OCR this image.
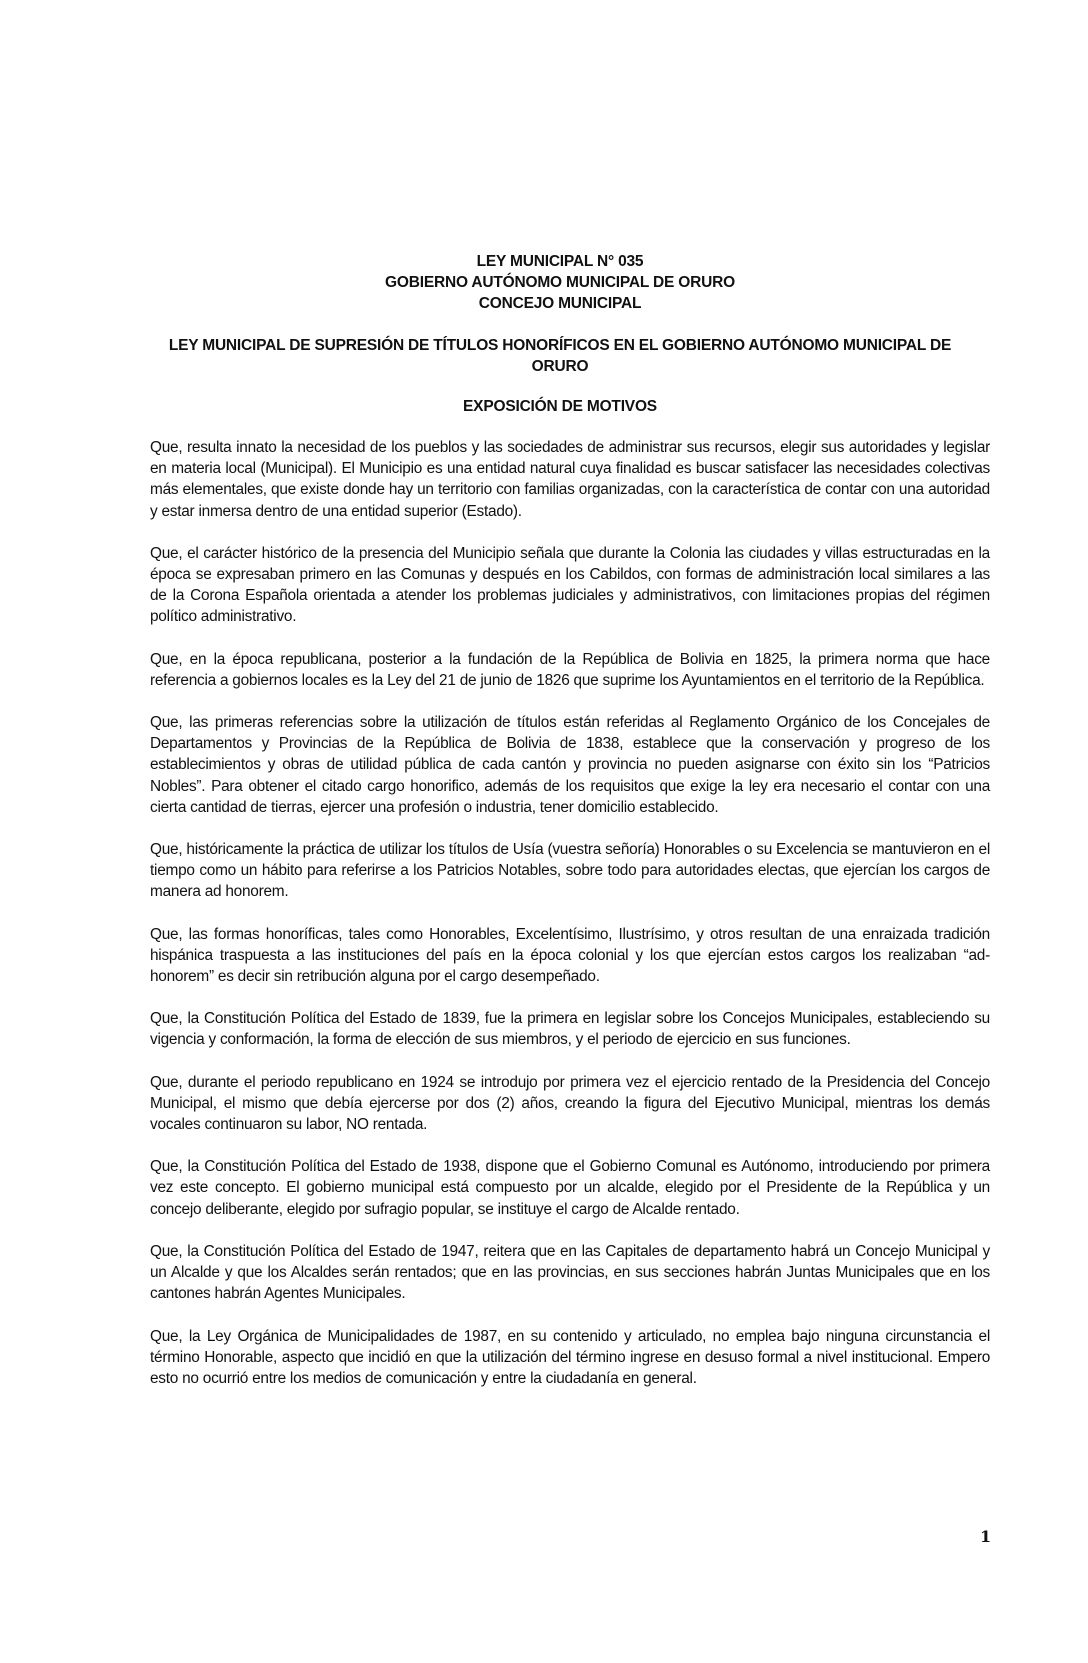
LEY MUNICIPAL N° 035
GOBIERNO AUTÓNOMO MUNICIPAL DE ORURO
CONCEJO MUNICIPAL
LEY MUNICIPAL DE SUPRESIÓN DE TÍTULOS HONORÍFICOS EN EL GOBIERNO AUTÓNOMO MUNICIPAL DE ORURO
EXPOSICIÓN DE MOTIVOS

Que, resulta innato la necesidad de los pueblos y las sociedades de administrar sus recursos, elegir sus autoridades y legislar en materia local (Municipal). El Municipio es una entidad natural cuya finalidad es buscar satisfacer las necesidades colectivas más elementales, que existe donde hay un territorio con familias organizadas, con la característica de contar con una autoridad y estar inmersa dentro de una entidad superior (Estado).

Que, el carácter histórico de la presencia del Municipio señala que durante la Colonia las ciudades y villas estructuradas en la época se expresaban primero en las Comunas y después en los Cabildos, con formas de administración local similares a las de la Corona Española orientada a atender los problemas judiciales y administrativos, con limitaciones propias del régimen político administrativo.

Que, en la época republicana, posterior a la fundación de la República de Bolivia en 1825, la primera norma que hace referencia a gobiernos locales es la Ley del 21 de junio de 1826 que suprime los Ayuntamientos en el territorio de la República.

Que, las primeras referencias sobre la utilización de títulos están referidas al Reglamento Orgánico de los Concejales de Departamentos y Provincias de la República de Bolivia de 1838, establece que la conservación y progreso de los establecimientos y obras de utilidad pública de cada cantón y provincia no pueden asignarse con éxito sin los “Patricios Nobles”. Para obtener el citado cargo honorifico, además de los requisitos que exige la ley era necesario el contar con una cierta cantidad de tierras, ejercer una profesión o industria, tener domicilio establecido.

Que, históricamente la práctica de utilizar los títulos de Usía (vuestra señoría) Honorables o su Excelencia se mantuvieron en el tiempo como un hábito para referirse a los Patricios Notables, sobre todo para autoridades electas, que ejercían los cargos de manera ad honorem.

Que, las formas honoríficas, tales como Honorables, Excelentísimo, Ilustrísimo, y otros resultan de una enraizada tradición hispánica traspuesta a las instituciones del país en la época colonial y los que ejercían estos cargos los realizaban “ad-honorem” es decir sin retribución alguna por el cargo desempeñado.

Que, la Constitución Política del Estado de 1839, fue la primera en legislar sobre los Concejos Municipales, estableciendo su vigencia y conformación, la forma de elección de sus miembros, y el periodo de ejercicio en sus funciones.

Que, durante el periodo republicano en 1924 se introdujo por primera vez el ejercicio rentado de la Presidencia del Concejo Municipal, el mismo que debía ejercerse por dos (2) años, creando la figura del Ejecutivo Municipal, mientras los demás vocales continuaron su labor, NO rentada.

Que, la Constitución Política del Estado de 1938, dispone que el Gobierno Comunal es Autónomo, introduciendo por primera vez este concepto. El gobierno municipal está compuesto por un alcalde, elegido por el Presidente de la República y un concejo deliberante, elegido por sufragio popular, se instituye el cargo de Alcalde rentado.

Que, la Constitución Política del Estado de 1947, reitera que en las Capitales de departamento habrá un Concejo Municipal y un Alcalde y que los Alcaldes serán rentados; que en las provincias, en sus secciones habrán Juntas Municipales que en los cantones habrán Agentes Municipales.

Que, la Ley Orgánica de Municipalidades de 1987, en su contenido y articulado, no emplea bajo ninguna circunstancia el término Honorable, aspecto que incidió en que la utilización del término ingrese en desuso formal a nivel institucional. Empero esto no ocurrió entre los medios de comunicación y entre la ciudadanía en general.

1
